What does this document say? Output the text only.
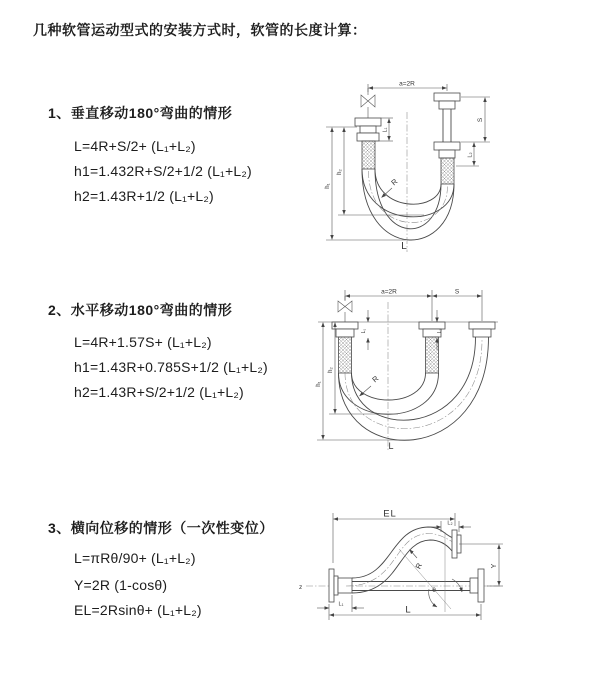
几种软管运动型式的安装方式时，软管的长度计算：
1、垂直移动180°弯曲的情形
L=4R+S/2+ (L₁+L₂)
h1=1.432R+S/2+1/2 (L₁+L₂)
h2=1.43R+1/2 (L₁+L₂)
2、水平移动180°弯曲的情形
L=4R+1.57S+ (L₁+L₂)
h1=1.43R+0.785S+1/2 (L₁+L₂)
h2=1.43R+S/2+1/2 (L₁+L₂)
3、横向位移的情形（一次性变位）
L=πRθ/90+ (L₁+L₂)
Y=2R (1-cosθ)
EL=2Rsinθ+ (L₁+L₂)
a=2R
h₁
h₂
L₁
S
L₂
R
L
a=2R	S
h₁
h₂
L₁	L₂
R
L
EL
L₂
z
R
θ
Y
L₁	L
